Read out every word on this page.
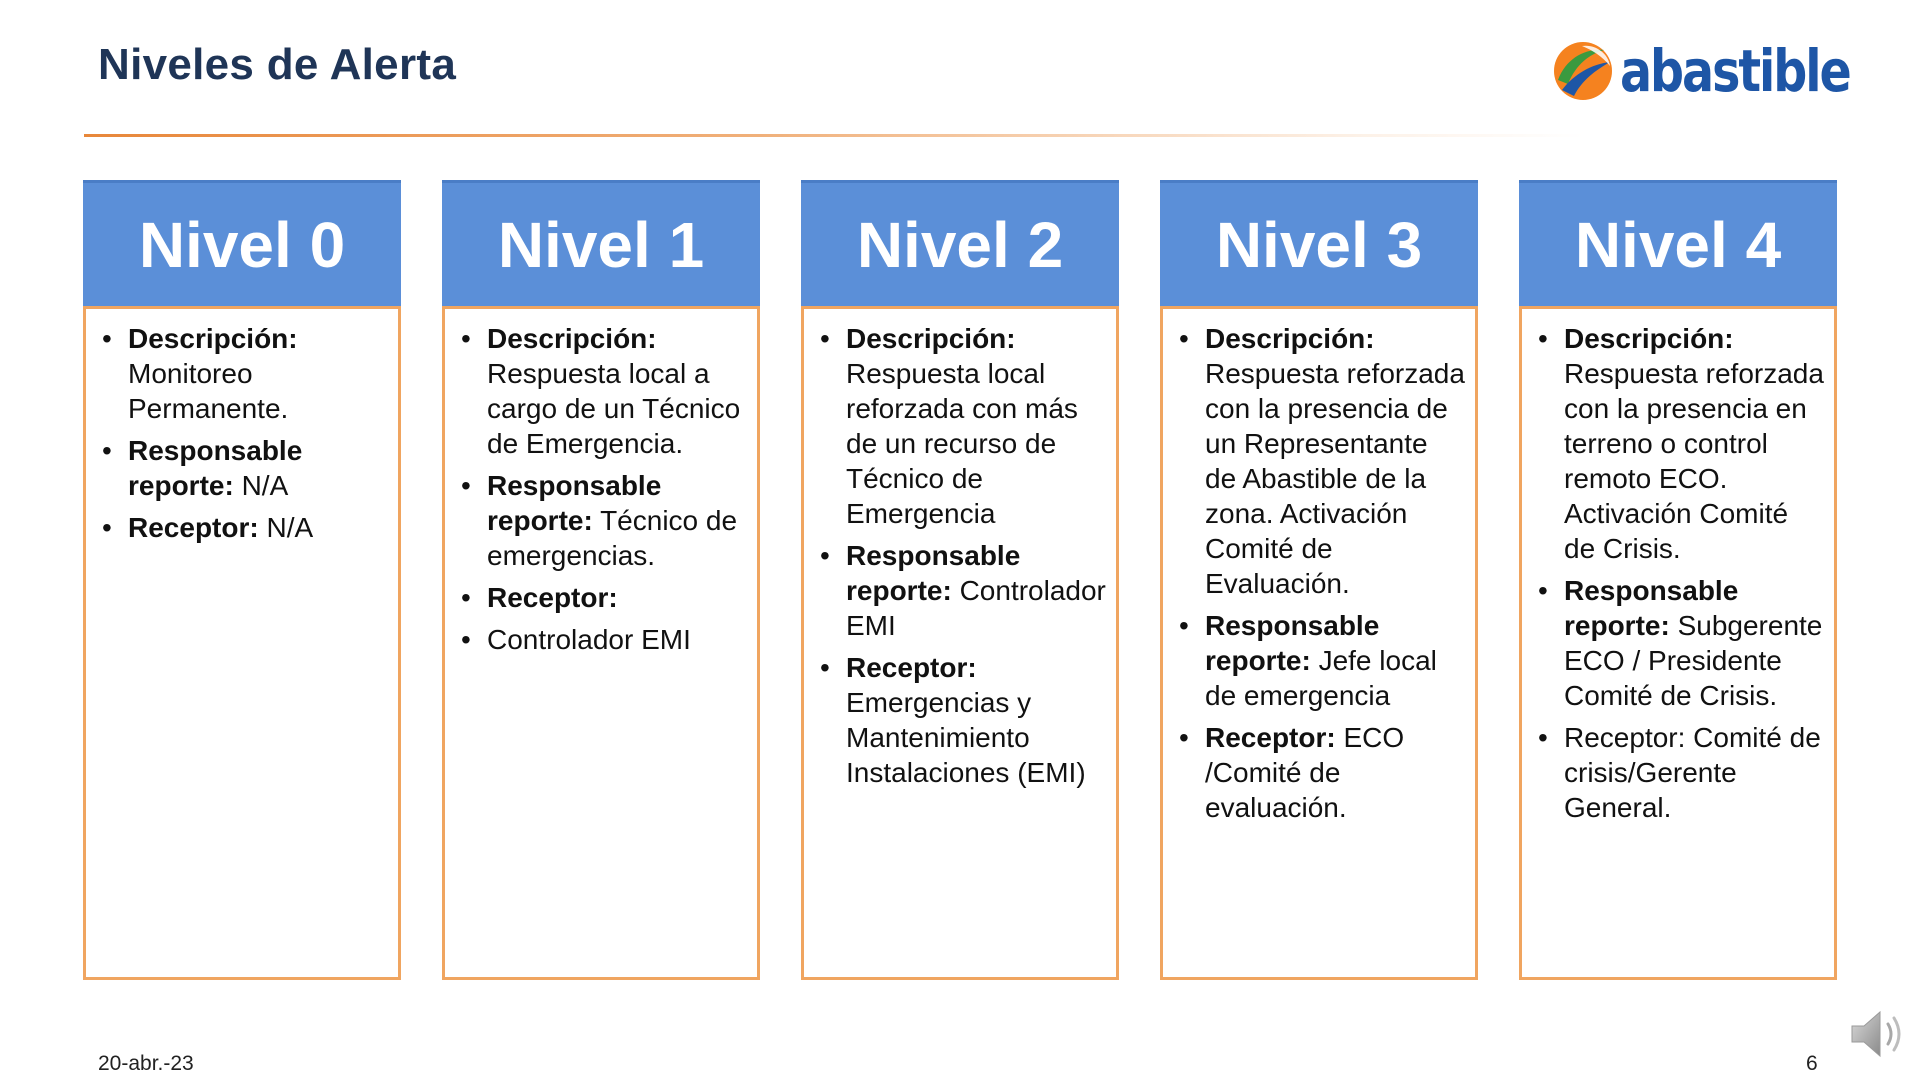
Niveles de Alerta	abastible
Nivel 0
• Descripción: Monitoreo Permanente.
• Responsable reporte: N/A
• Receptor: N/A
Nivel 1
• Descripción: Respuesta local a cargo de un Técnico de Emergencia.
• Responsable reporte: Técnico de emergencias.
• Receptor:
• Controlador EMI
Nivel 2
• Descripción: Respuesta local reforzada con más de un recurso de Técnico de Emergencia
• Responsable reporte: Controlador EMI
• Receptor: Emergencias y Mantenimiento Instalaciones (EMI)
Nivel 3
• Descripción: Respuesta reforzada con la presencia de un Representante de Abastible de la zona. Activación Comité de Evaluación.
• Responsable reporte: Jefe local de emergencia
• Receptor: ECO /Comité de evaluación.
Nivel 4
• Descripción: Respuesta reforzada con la presencia en terreno o control remoto ECO. Activación Comité de Crisis.
• Responsable reporte: Subgerente ECO / Presidente Comité de Crisis.
• Receptor: Comité de crisis/Gerente General.
20-abr.-23	6
